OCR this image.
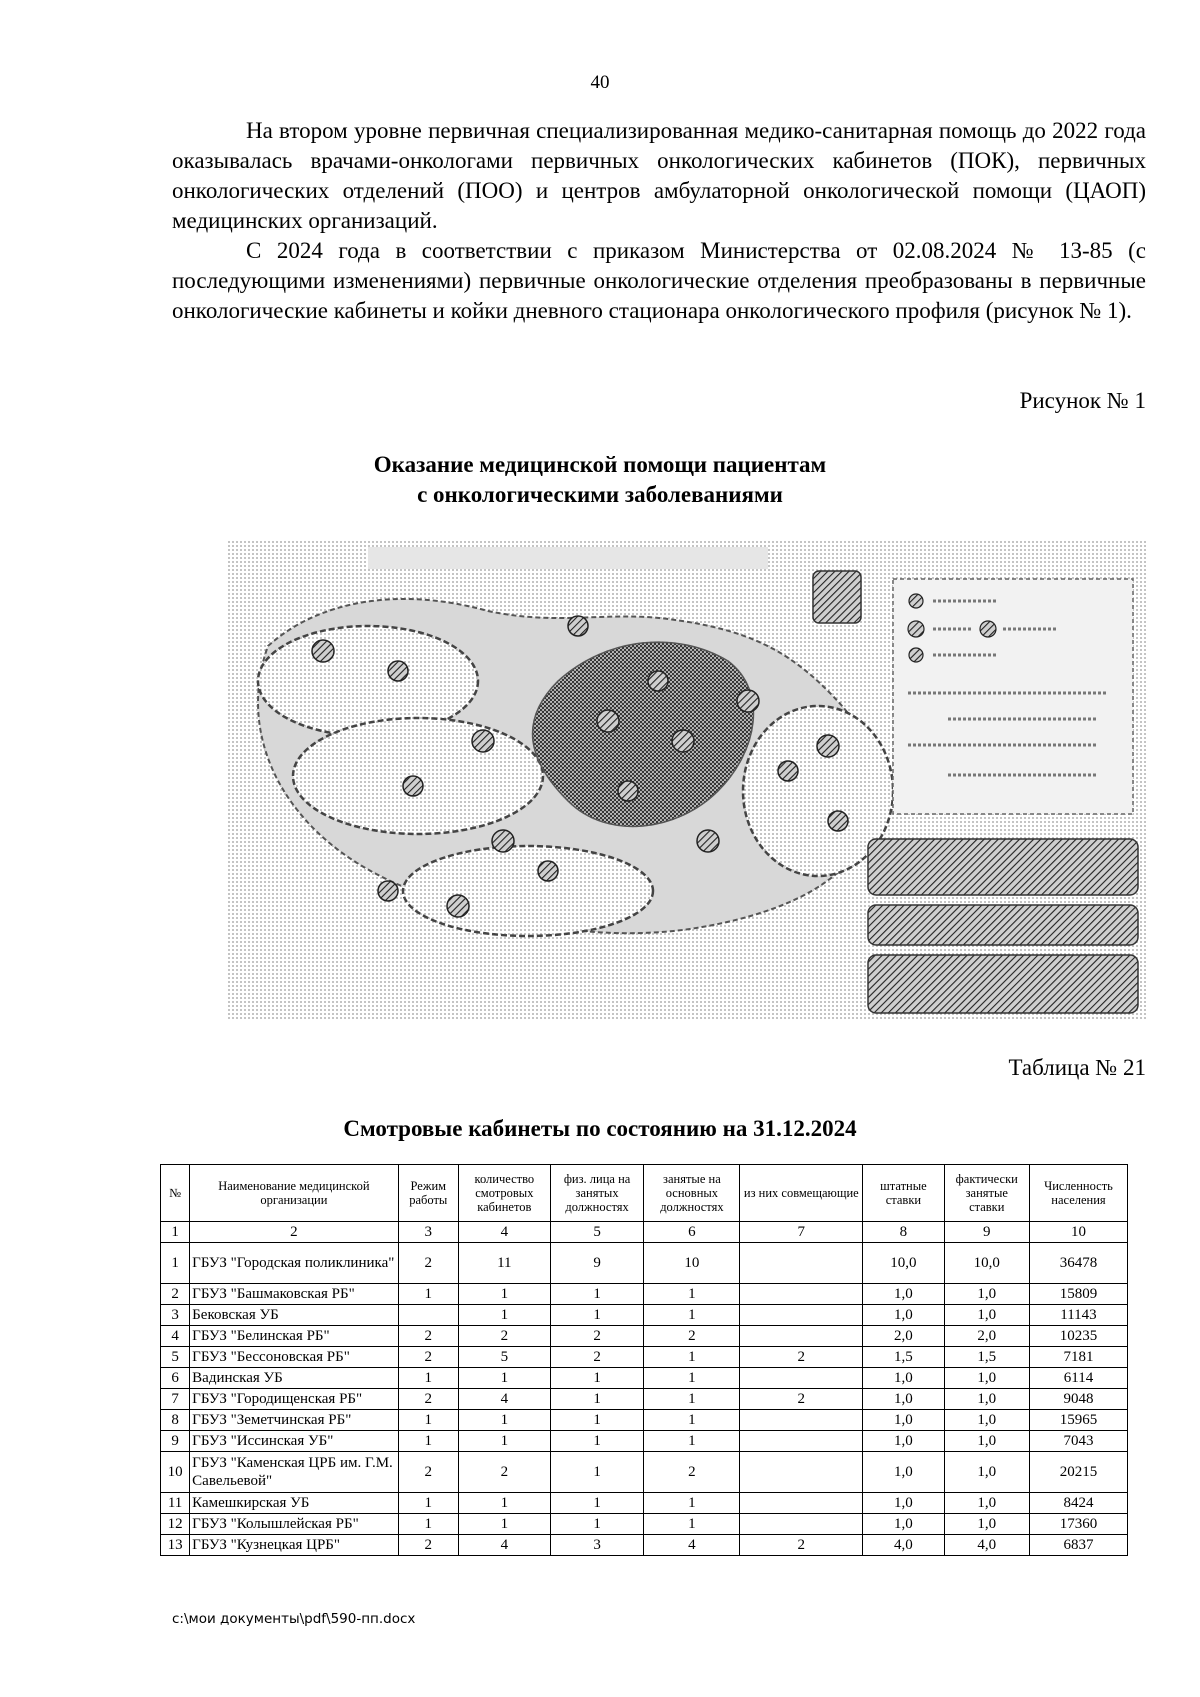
40

На втором уровне первичная специализированная медико-санитарная помощь до 2022 года оказывалась врачами-онкологами первичных онкологических кабинетов (ПОК), первичных онкологических отделений (ПОО) и центров амбулаторной онкологической помощи (ЦАОП) медицинских организаций.

С 2024 года в соответствии с приказом Министерства от 02.08.2024 № 13-85 (с последующими изменениями) первичные онкологические отделения преобразованы в первичные онкологические кабинеты и койки дневного стационара онкологического профиля (рисунок № 1).

Рисунок № 1
Оказание медицинской помощи пациентам
с онкологическими заболеваниями
Таблица № 21
Смотровые кабинеты по состоянию на 31.12.2024
№	Наименование медицинской организации	Режим работы	количество смотровых кабинетов	физ. лица на занятых должностях	занятые на основных должностях	из них совмещающие	штатные ставки	фактически занятые ставки	Численность населения
1	2	3	4	5	6	7	8	9	10
1	ГБУЗ "Городская поликлиника"	2	11	9	10		10,0	10,0	36478
2	ГБУЗ "Башмаковская РБ"	1	1	1	1		1,0	1,0	15809
3	Бековская УБ		1	1	1		1,0	1,0	11143
4	ГБУЗ "Белинская РБ"	2	2	2	2		2,0	2,0	10235
5	ГБУЗ "Бессоновская РБ"	2	5	2	1	2	1,5	1,5	7181
6	Вадинская УБ	1	1	1	1		1,0	1,0	6114
7	ГБУЗ "Городищенская РБ"	2	4	1	1	2	1,0	1,0	9048
8	ГБУЗ "Земетчинская РБ"	1	1	1	1		1,0	1,0	15965
9	ГБУЗ "Иссинская УБ"	1	1	1	1		1,0	1,0	7043
10	ГБУЗ "Каменская ЦРБ им. Г.М. Савельевой"	2	2	1	2		1,0	1,0	20215
11	Камешкирская УБ	1	1	1	1		1,0	1,0	8424
12	ГБУЗ "Колышлейская РБ"	1	1	1	1		1,0	1,0	17360
13	ГБУЗ "Кузнецкая ЦРБ"	2	4	3	4	2	4,0	4,0	6837
c:\мои документы\pdf\590-пп.docx
